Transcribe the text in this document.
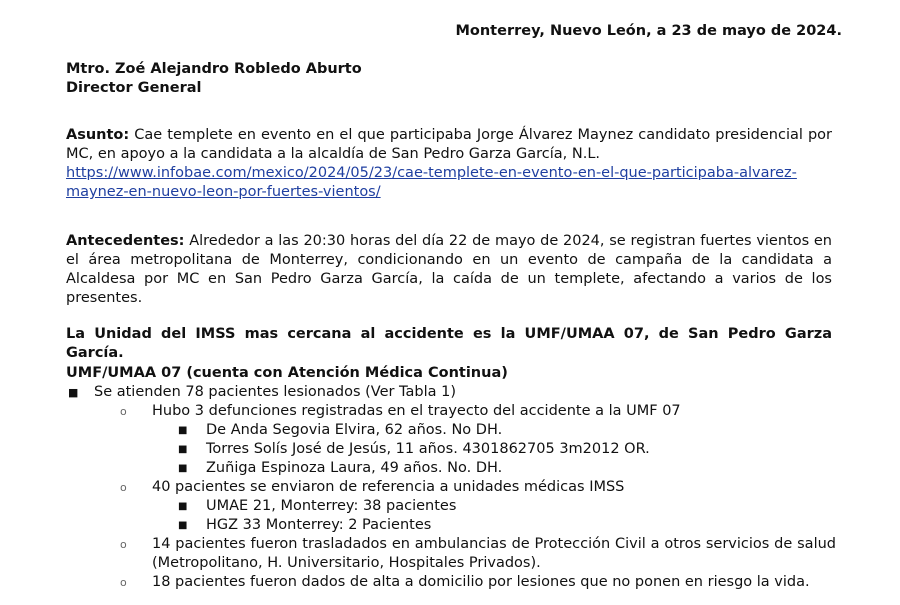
Monterrey, Nuevo León, a 23 de mayo de 2024.
Mtro. Zoé Alejandro Robledo Aburto
Director General
Asunto: Cae templete en evento en el que participaba Jorge Álvarez Maynez candidato presidencial por MC, en apoyo a la candidata a la alcaldía de San Pedro Garza García, N.L.
https://www.infobae.com/mexico/2024/05/23/cae-templete-en-evento-en-el-que-participaba-alvarez-maynez-en-nuevo-leon-por-fuertes-vientos/
Antecedentes: Alrededor a las 20:30 horas del día 22 de mayo de 2024, se registran fuertes vientos en el área metropolitana de Monterrey, condicionando en un evento de campaña de la candidata a Alcaldesa por MC en San Pedro Garza García, la caída de un templete, afectando a varios de los presentes.
La Unidad del IMSS mas cercana al accidente es la UMF/UMAA 07, de San Pedro Garza García.
UMF/UMAA 07 (cuenta con Atención Médica Continua)
■ Se atienden 78 pacientes lesionados (Ver Tabla 1)
o Hubo 3 defunciones registradas en el trayecto del accidente a la UMF 07
■ De Anda Segovia Elvira, 62 años. No DH.
■ Torres Solís José de Jesús, 11 años. 4301862705 3m2012 OR.
■ Zuñiga Espinoza Laura, 49 años. No. DH.
o 40 pacientes se enviaron de referencia a unidades médicas IMSS
■ UMAE 21, Monterrey: 38 pacientes
■ HGZ 33 Monterrey: 2 Pacientes
o 14 pacientes fueron trasladados en ambulancias de Protección Civil a otros servicios de salud (Metropolitano, H. Universitario, Hospitales Privados).
o 18 pacientes fueron dados de alta a domicilio por lesiones que no ponen en riesgo la vida.
